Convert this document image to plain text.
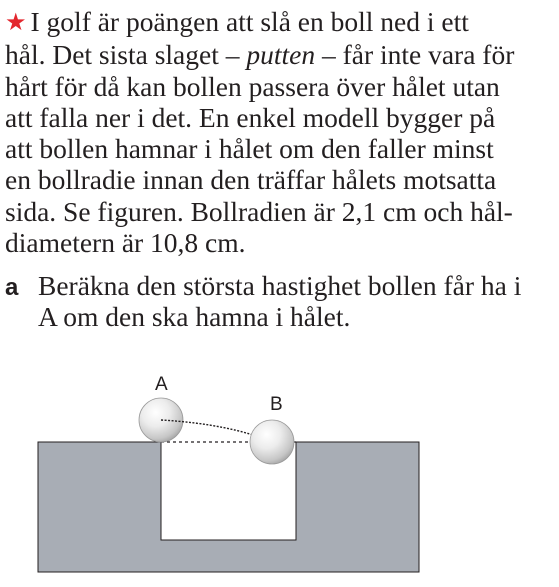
★ I golf är poängen att slå en boll ned i ett
hål. Det sista slaget – putten – får inte vara för
hårt för då kan bollen passera över hålet utan
att falla ner i det. En enkel modell bygger på
att bollen hamnar i hålet om den faller minst
en bollradie innan den träffar hålets motsatta
sida. Se figuren. Bollradien är 2,1 cm och hål-
diametern är 10,8 cm.
a Beräkna den största hastighet bollen får ha i
A om den ska hamna i hålet.
A
B
